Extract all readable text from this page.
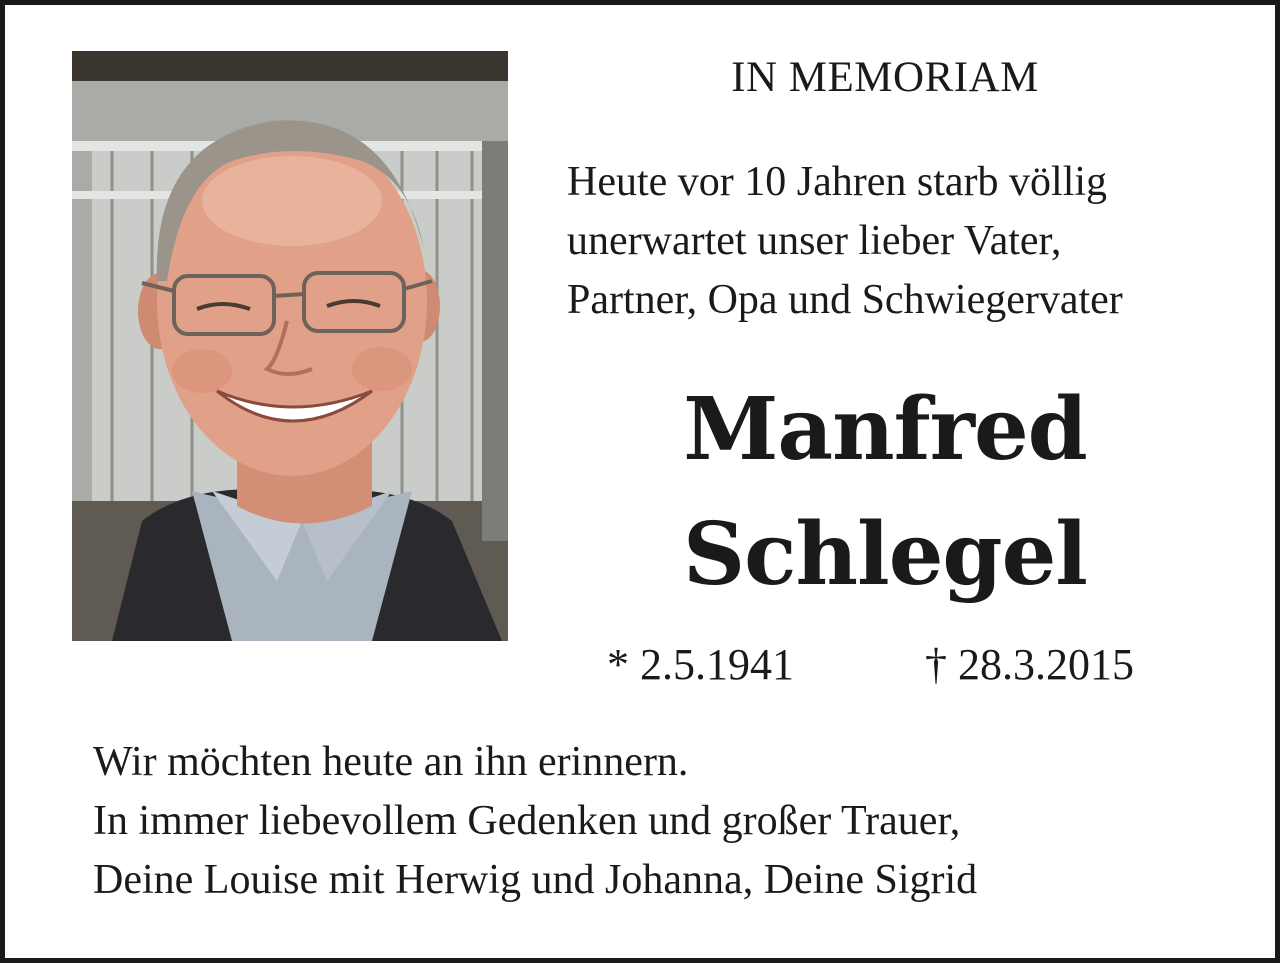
IN MEMORIAM
Heute vor 10 Jahren starb völlig
unerwartet unser lieber Vater,
Partner, Opa und Schwiegervater
Manfred
Schlegel
* 2.5.1941	† 28.3.2015
Wir möchten heute an ihn erinnern.
In immer liebevollem Gedenken und großer Trauer,
Deine Louise mit Herwig und Johanna, Deine Sigrid
